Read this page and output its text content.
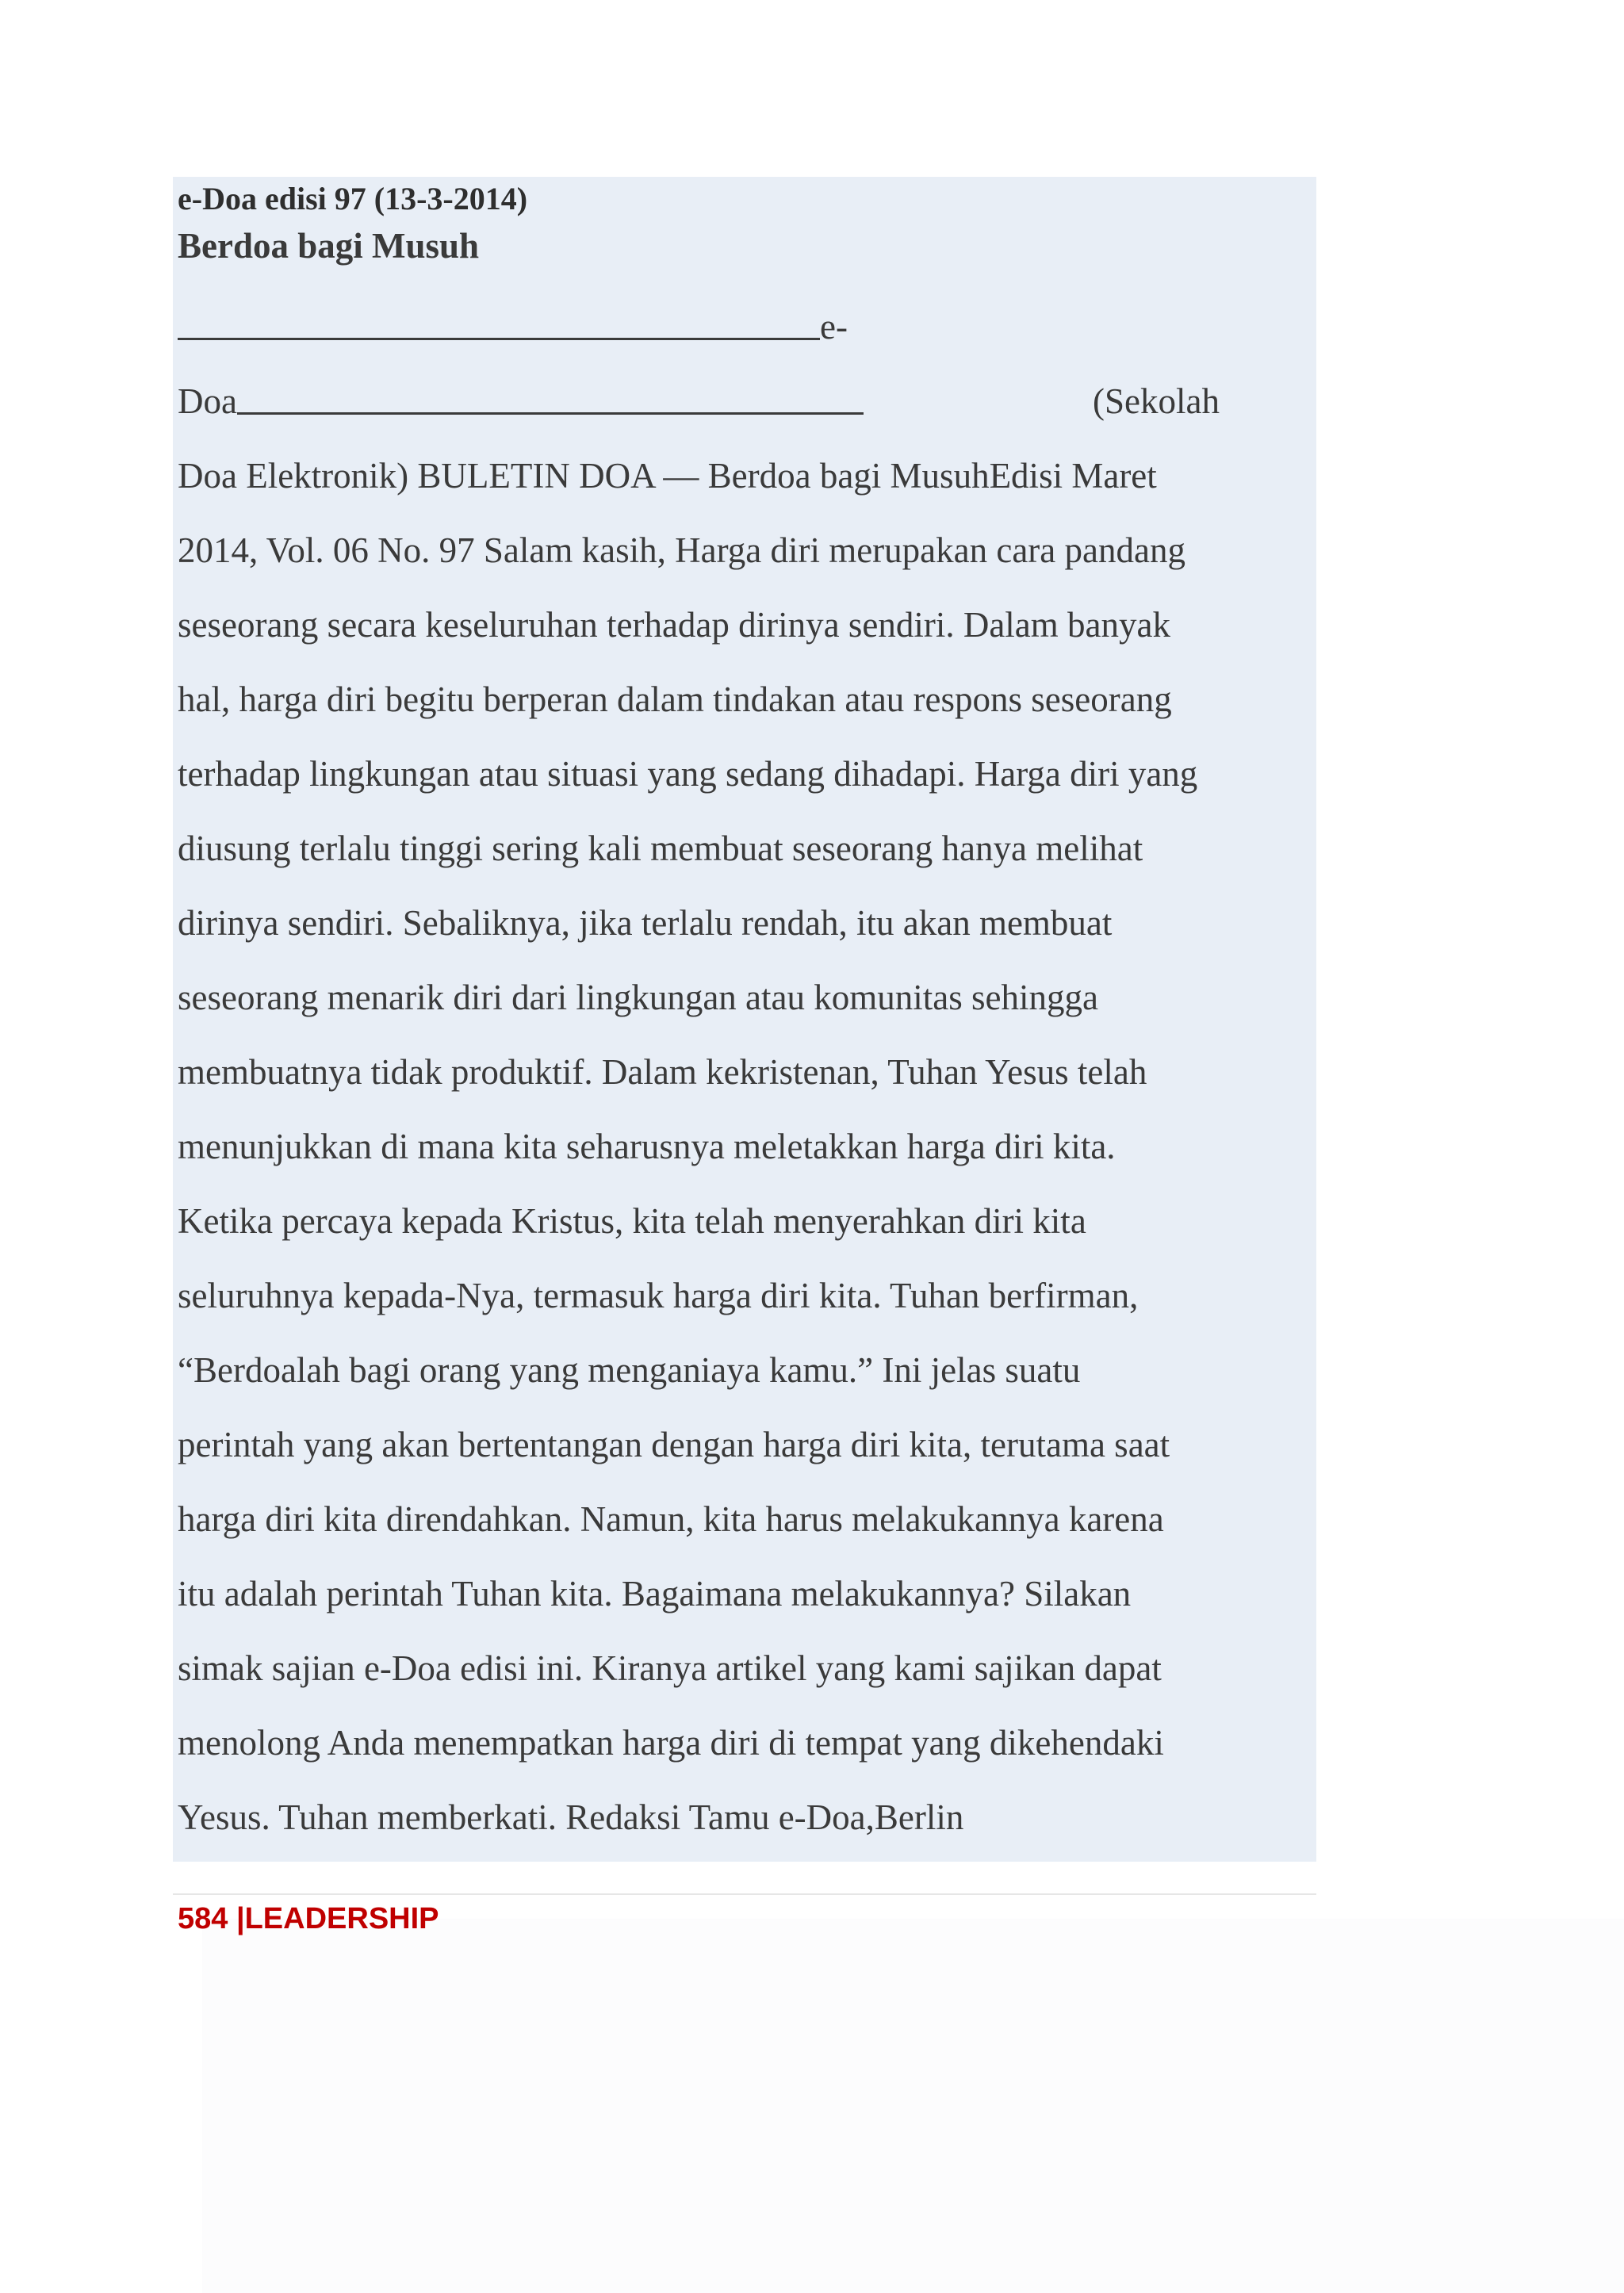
e-Doa edisi 97 (13-3-2014)

Berdoa bagi Musuh

e-

Doa	(Sekolah

Doa Elektronik) BULETIN DOA — Berdoa bagi MusuhEdisi Maret

2014, Vol. 06 No. 97 Salam kasih, Harga diri merupakan cara pandang

seseorang secara keseluruhan terhadap dirinya sendiri. Dalam banyak

hal, harga diri begitu berperan dalam tindakan atau respons seseorang

terhadap lingkungan atau situasi yang sedang dihadapi. Harga diri yang

diusung terlalu tinggi sering kali membuat seseorang hanya melihat

dirinya sendiri. Sebaliknya, jika terlalu rendah, itu akan membuat

seseorang menarik diri dari lingkungan atau komunitas sehingga

membuatnya tidak produktif. Dalam kekristenan, Tuhan Yesus telah

menunjukkan di mana kita seharusnya meletakkan harga diri kita.

Ketika percaya kepada Kristus, kita telah menyerahkan diri kita

seluruhnya kepada-Nya, termasuk harga diri kita. Tuhan berfirman,

“Berdoalah bagi orang yang menganiaya kamu.” Ini jelas suatu

perintah yang akan bertentangan dengan harga diri kita, terutama saat

harga diri kita direndahkan. Namun, kita harus melakukannya karena

itu adalah perintah Tuhan kita. Bagaimana melakukannya? Silakan

simak sajian e-Doa edisi ini. Kiranya artikel yang kami sajikan dapat

menolong Anda menempatkan harga diri di tempat yang dikehendaki

Yesus. Tuhan memberkati. Redaksi Tamu e-Doa,Berlin

584 |LEADERSHIP
